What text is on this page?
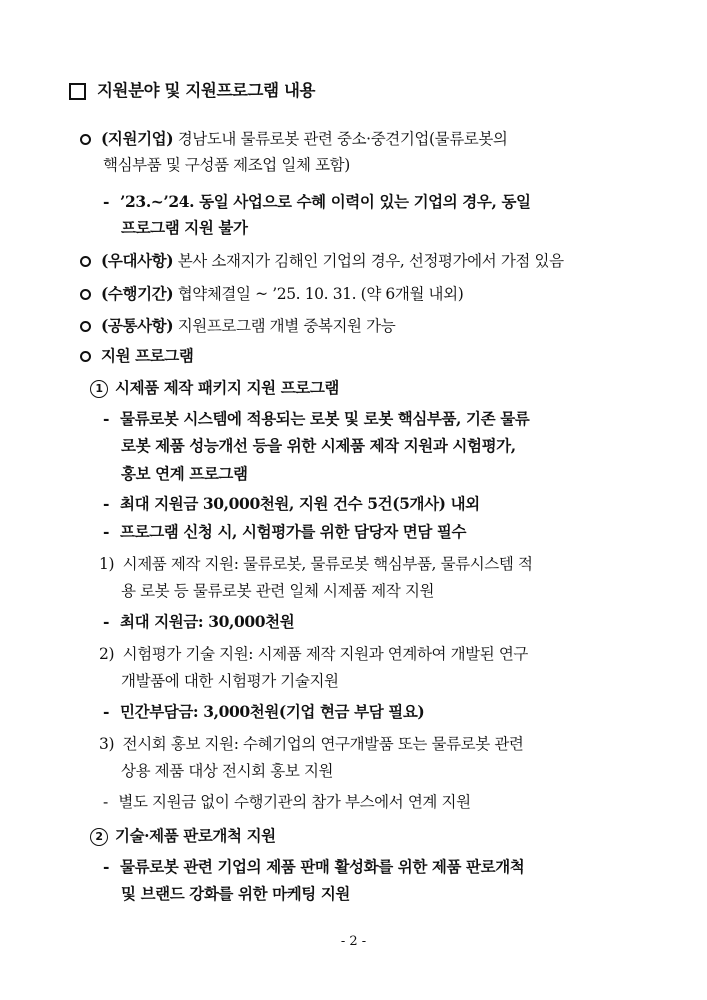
지원분야 및 지원프로그램 내용
(지원기업) 경남도내 물류로봇 관련 중소·중견기업(물류로봇의
핵심부품 및 구성품 제조업 일체 포함)
- ’23.~’24. 동일 사업으로 수혜 이력이 있는 기업의 경우, 동일
프로그램 지원 불가
(우대사항) 본사 소재지가 김해인 기업의 경우, 선정평가에서 가점 있음
(수행기간) 협약체결일 ~ ’25. 10. 31. (약 6개월 내외)
(공통사항) 지원프로그램 개별 중복지원 가능
지원 프로그램
1 시제품 제작 패키지 지원 프로그램
- 물류로봇 시스템에 적용되는 로봇 및 로봇 핵심부품, 기존 물류
로봇 제품 성능개선 등을 위한 시제품 제작 지원과 시험평가,
홍보 연계 프로그램
- 최대 지원금 30,000천원, 지원 건수 5건(5개사) 내외
- 프로그램 신청 시, 시험평가를 위한 담당자 면담 필수
1) 시제품 제작 지원: 물류로봇, 물류로봇 핵심부품, 물류시스템 적
용 로봇 등 물류로봇 관련 일체 시제품 제작 지원
- 최대 지원금: 30,000천원
2) 시험평가 기술 지원: 시제품 제작 지원과 연계하여 개발된 연구
개발품에 대한 시험평가 기술지원
- 민간부담금: 3,000천원(기업 현금 부담 필요)
3) 전시회 홍보 지원: 수혜기업의 연구개발품 또는 물류로봇 관련
상용 제품 대상 전시회 홍보 지원
- 별도 지원금 없이 수행기관의 참가 부스에서 연계 지원
2 기술·제품 판로개척 지원
- 물류로봇 관련 기업의 제품 판매 활성화를 위한 제품 판로개척
및 브랜드 강화를 위한 마케팅 지원
- 2 -
